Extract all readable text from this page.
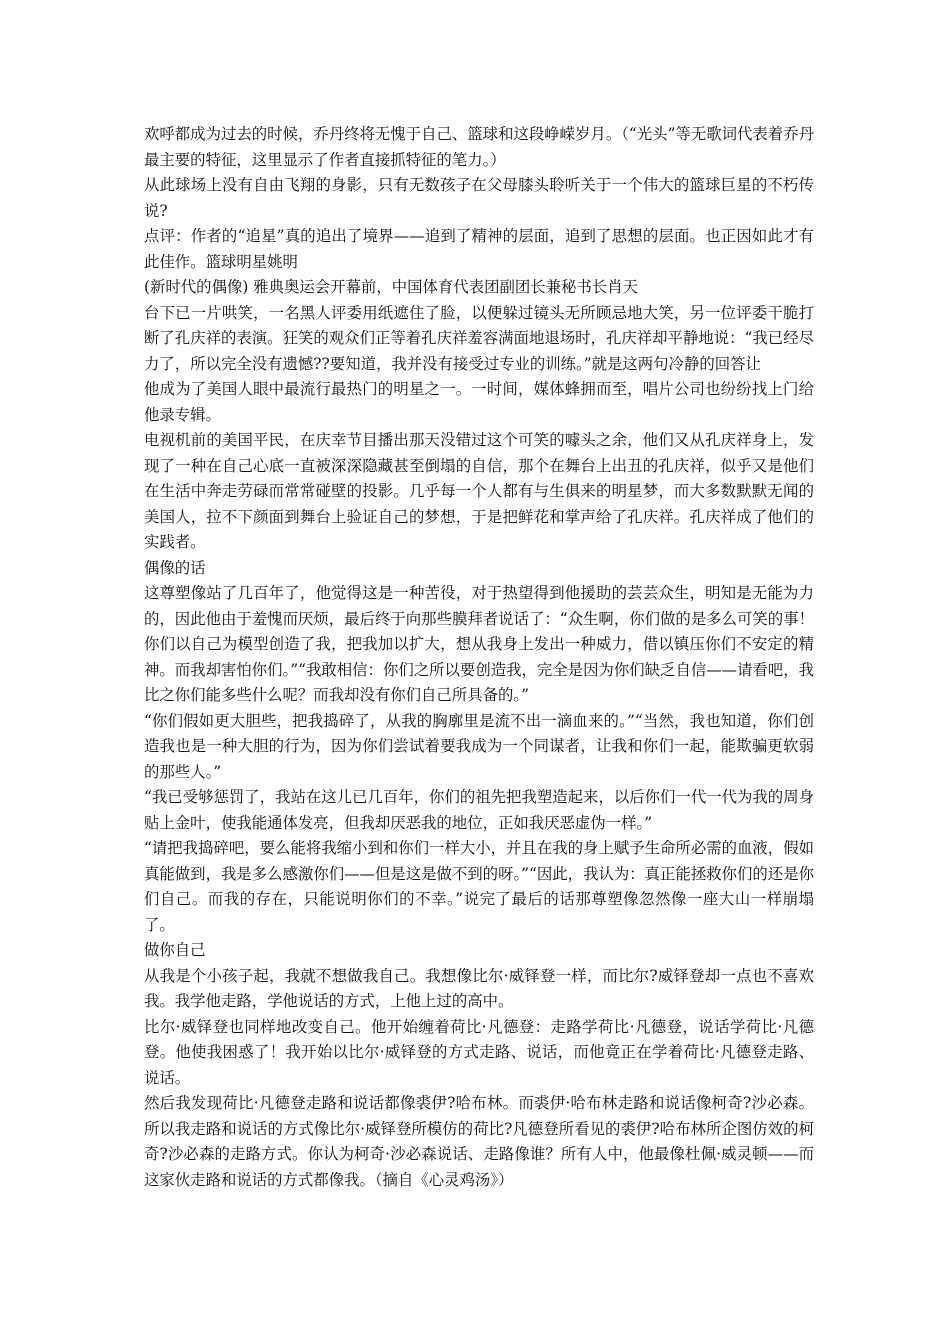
欢呼都成为过去的时候，乔丹终将无愧于自己、篮球和这段峥嵘岁月。（“光头”等无歌词代表着乔丹最主要的特征，这里显示了作者直接抓特征的笔力。）

从此球场上没有自由飞翔的身影，只有无数孩子在父母膝头聆听关于一个伟大的篮球巨星的不朽传说?

点评：作者的“追星”真的追出了境界——追到了精神的层面，追到了思想的层面。也正因如此才有此佳作。篮球明星姚明

(新时代的偶像) 雅典奥运会开幕前，中国体育代表团副团长兼秘书长肖天

台下已一片哄笑，一名黑人评委用纸遮住了脸，以便躲过镜头无所顾忌地大笑，另一位评委干脆打断了孔庆祥的表演。狂笑的观众们正等着孔庆祥羞容满面地退场时，孔庆祥却平静地说：“我已经尽力了，所以完全没有遗憾??要知道，我并没有接受过专业的训练。”就是这两句冷静的回答让

他成为了美国人眼中最流行最热门的明星之一。一时间，媒体蜂拥而至，唱片公司也纷纷找上门给他录专辑。

电视机前的美国平民，在庆幸节目播出那天没错过这个可笑的噱头之余，他们又从孔庆祥身上，发现了一种在自己心底一直被深深隐藏甚至倒塌的自信，那个在舞台上出丑的孔庆祥，似乎又是他们在生活中奔走劳碌而常常碰壁的投影。几乎每一个人都有与生俱来的明星梦，而大多数默默无闻的美国人，拉不下颜面到舞台上验证自己的梦想，于是把鲜花和掌声给了孔庆祥。孔庆祥成了他们的实践者。

偶像的话

这尊塑像站了几百年了，他觉得这是一种苦役，对于热望得到他援助的芸芸众生，明知是无能为力的，因此他由于羞愧而厌烦，最后终于向那些膜拜者说话了：“众生啊，你们做的是多么可笑的事！你们以自己为模型创造了我，把我加以扩大，想从我身上发出一种威力，借以镇压你们不安定的精神。而我却害怕你们。”“我敢相信：你们之所以要创造我，完全是因为你们缺乏自信——请看吧，我比之你们能多些什么呢？而我却没有你们自己所具备的。”

“你们假如更大胆些，把我捣碎了，从我的胸廓里是流不出一滴血来的。”“当然，我也知道，你们创造我也是一种大胆的行为，因为你们尝试着要我成为一个同谋者，让我和你们一起，能欺骗更软弱的那些人。”

“我已受够惩罚了，我站在这儿已几百年，你们的祖先把我塑造起来，以后你们一代一代为我的周身贴上金叶，使我能通体发亮，但我却厌恶我的地位，正如我厌恶虚伪一样。”

“请把我捣碎吧，要么能将我缩小到和你们一样大小，并且在我的身上赋予生命所必需的血液，假如真能做到，我是多么感激你们——但是这是做不到的呀。”“因此，我认为：真正能拯救你们的还是你们自己。而我的存在，只能说明你们的不幸。”说完了最后的话那尊塑像忽然像一座大山一样崩塌了。

做你自己

从我是个小孩子起，我就不想做我自己。我想像比尔·威铎登一样，而比尔?威铎登却一点也不喜欢我。我学他走路，学他说话的方式，上他上过的高中。

比尔·威铎登也同样地改变自己。他开始缠着荷比·凡德登：走路学荷比·凡德登，说话学荷比·凡德登。他使我困惑了！我开始以比尔·威铎登的方式走路、说话，而他竟正在学着荷比·凡德登走路、说话。

然后我发现荷比·凡德登走路和说话都像裘伊?哈布林。而裘伊·哈布林走路和说话像柯奇?沙必森。所以我走路和说话的方式像比尔·威铎登所模仿的荷比?凡德登所看见的裘伊?哈布林所企图仿效的柯奇?沙必森的走路方式。你认为柯奇·沙必森说话、走路像谁？所有人中，他最像杜佩·威灵顿——而这家伙走路和说话的方式都像我。（摘自《心灵鸡汤》）
